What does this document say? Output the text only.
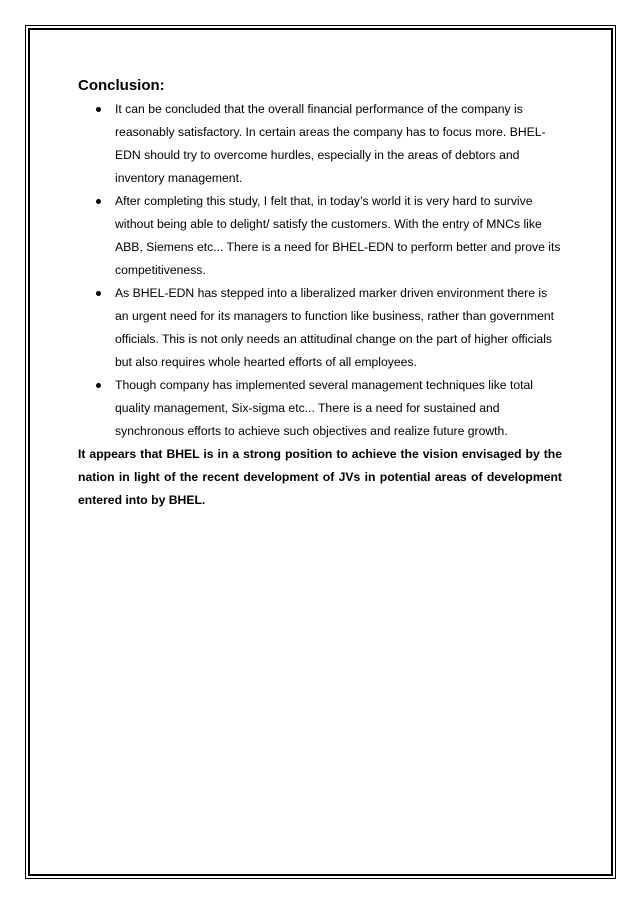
Conclusion:
It can be concluded that the overall financial performance of the company is reasonably satisfactory. In certain areas the company has to focus more. BHEL-EDN should try to overcome hurdles, especially in the areas of debtors and inventory management.
After completing this study, I felt that, in today’s world it is very hard to survive without being able to delight/ satisfy the customers. With the entry of MNCs like ABB, Siemens etc... There is a need for BHEL-EDN to perform better and prove its competitiveness.
As BHEL-EDN has stepped into a liberalized marker driven environment there is an urgent need for its managers to function like business, rather than government officials. This is not only needs an attitudinal change on the part of higher officials but also requires whole hearted efforts of all employees.
Though company has implemented several management techniques like total quality management, Six-sigma etc... There is a need for sustained and synchronous efforts to achieve such objectives and realize future growth.

It appears that BHEL is in a strong position to achieve the vision envisaged by the nation in light of the recent development of JVs in potential areas of development entered into by BHEL.
